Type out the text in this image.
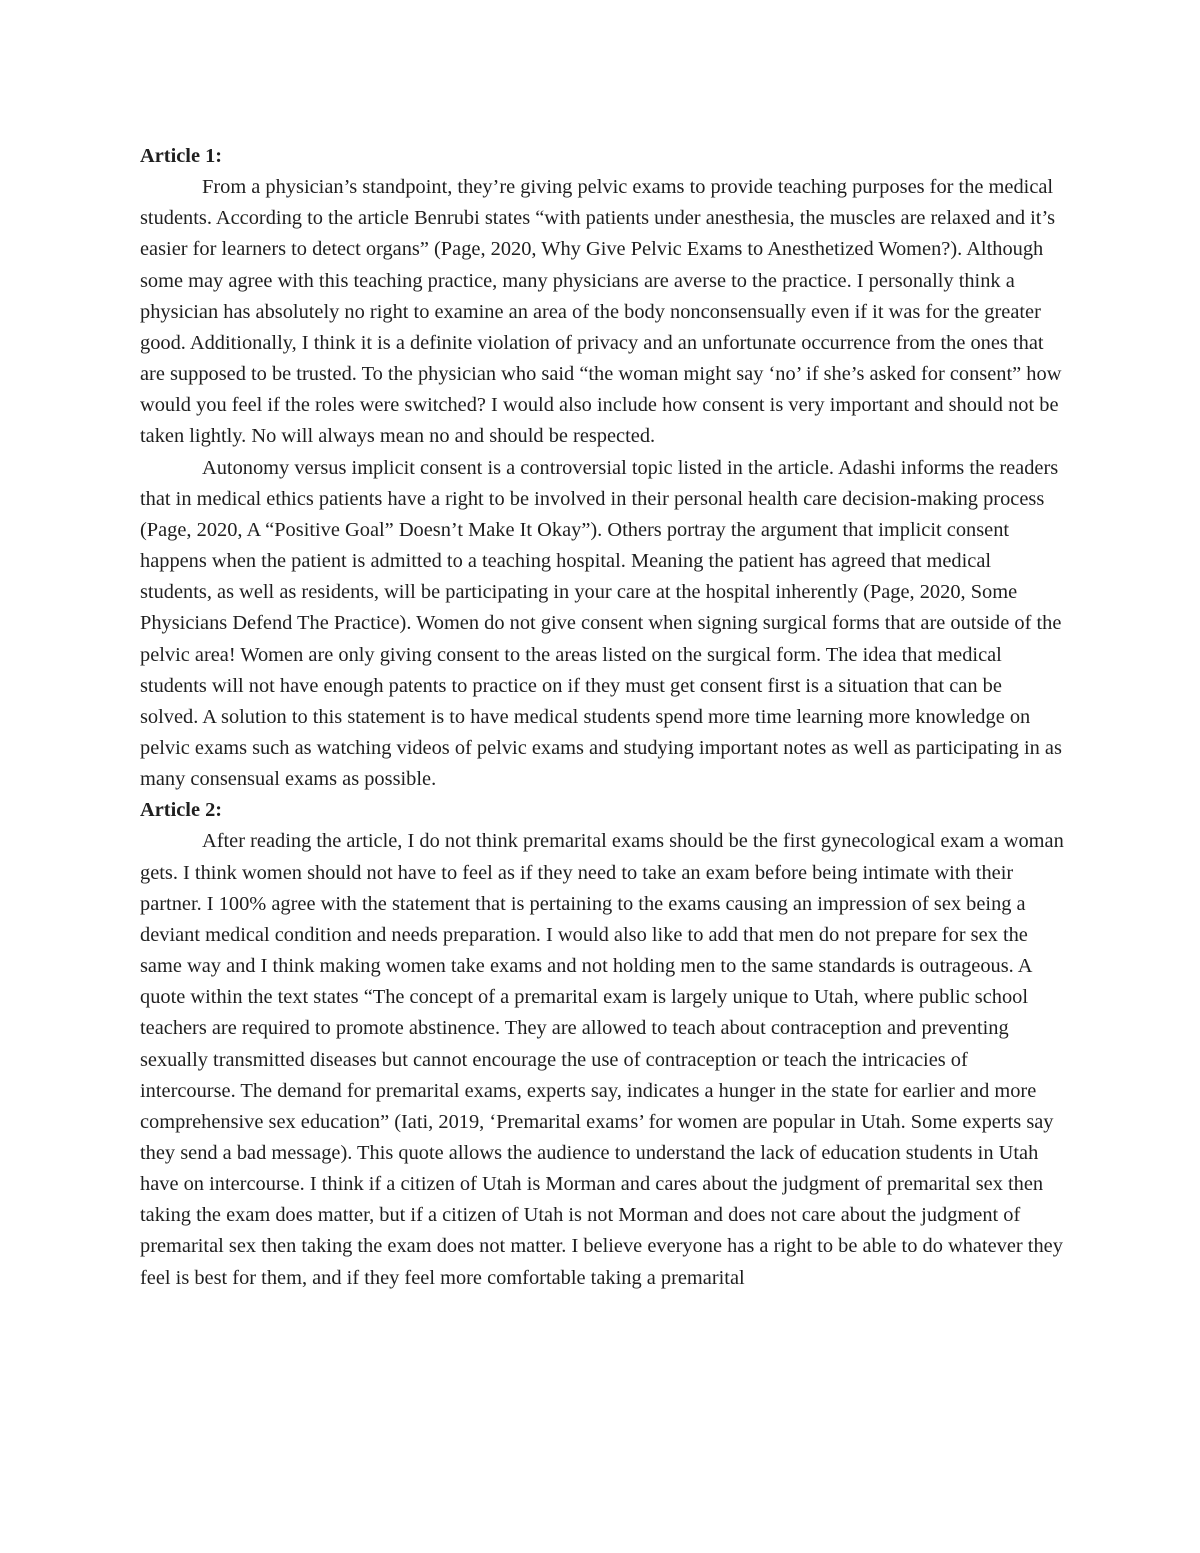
Article 1:

From a physician’s standpoint, they’re giving pelvic exams to provide teaching purposes for the medical students. According to the article Benrubi states “with patients under anesthesia, the muscles are relaxed and it’s easier for learners to detect organs” (Page, 2020, Why Give Pelvic Exams to Anesthetized Women?). Although some may agree with this teaching practice, many physicians are averse to the practice. I personally think a physician has absolutely no right to examine an area of the body nonconsensually even if it was for the greater good. Additionally, I think it is a definite violation of privacy and an unfortunate occurrence from the ones that are supposed to be trusted. To the physician who said “the woman might say ‘no’ if she’s asked for consent” how would you feel if the roles were switched? I would also include how consent is very important and should not be taken lightly. No will always mean no and should be respected.

Autonomy versus implicit consent is a controversial topic listed in the article. Adashi informs the readers that in medical ethics patients have a right to be involved in their personal health care decision-making process (Page, 2020, A “Positive Goal” Doesn’t Make It Okay”). Others portray the argument that implicit consent happens when the patient is admitted to a teaching hospital. Meaning the patient has agreed that medical students, as well as residents, will be participating in your care at the hospital inherently (Page, 2020, Some Physicians Defend The Practice). Women do not give consent when signing surgical forms that are outside of the pelvic area! Women are only giving consent to the areas listed on the surgical form. The idea that medical students will not have enough patents to practice on if they must get consent first is a situation that can be solved. A solution to this statement is to have medical students spend more time learning more knowledge on pelvic exams such as watching videos of pelvic exams and studying important notes as well as participating in as many consensual exams as possible.

Article 2:

After reading the article, I do not think premarital exams should be the first gynecological exam a woman gets. I think women should not have to feel as if they need to take an exam before being intimate with their partner. I 100% agree with the statement that is pertaining to the exams causing an impression of sex being a deviant medical condition and needs preparation. I would also like to add that men do not prepare for sex the same way and I think making women take exams and not holding men to the same standards is outrageous. A quote within the text states “The concept of a premarital exam is largely unique to Utah, where public school teachers are required to promote abstinence. They are allowed to teach about contraception and preventing sexually transmitted diseases but cannot encourage the use of contraception or teach the intricacies of intercourse. The demand for premarital exams, experts say, indicates a hunger in the state for earlier and more comprehensive sex education” (Iati, 2019, ‘Premarital exams’ for women are popular in Utah. Some experts say they send a bad message). This quote allows the audience to understand the lack of education students in Utah have on intercourse. I think if a citizen of Utah is Morman and cares about the judgment of premarital sex then taking the exam does matter, but if a citizen of Utah is not Morman and does not care about the judgment of premarital sex then taking the exam does not matter. I believe everyone has a right to be able to do whatever they feel is best for them, and if they feel more comfortable taking a premarital
